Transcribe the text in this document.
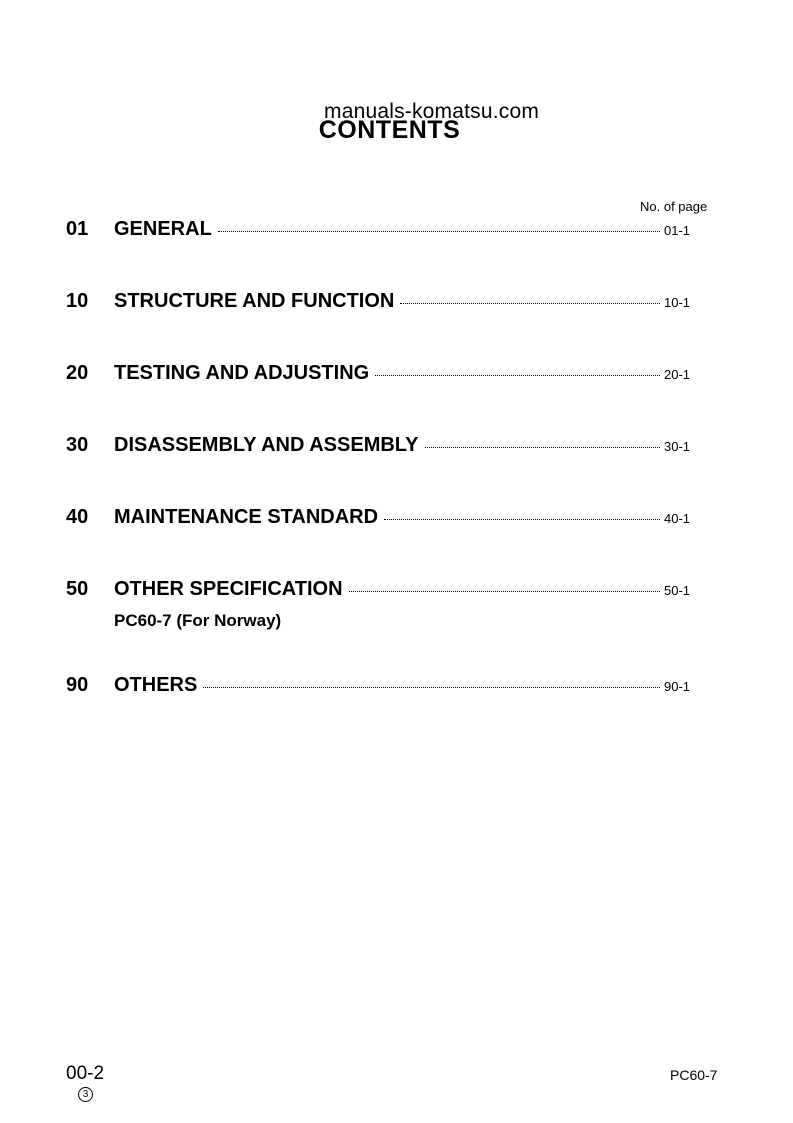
manuals-komatsu.com
CONTENTS
No. of page
01	GENERAL	01-1
10	STRUCTURE AND FUNCTION	10-1
20	TESTING AND ADJUSTING	20-1
30	DISASSEMBLY AND ASSEMBLY	30-1
40	MAINTENANCE STANDARD	40-1
50	OTHER SPECIFICATION	50-1
PC60-7 (For Norway)
90	OTHERS	90-1
00-2
3
PC60-7
